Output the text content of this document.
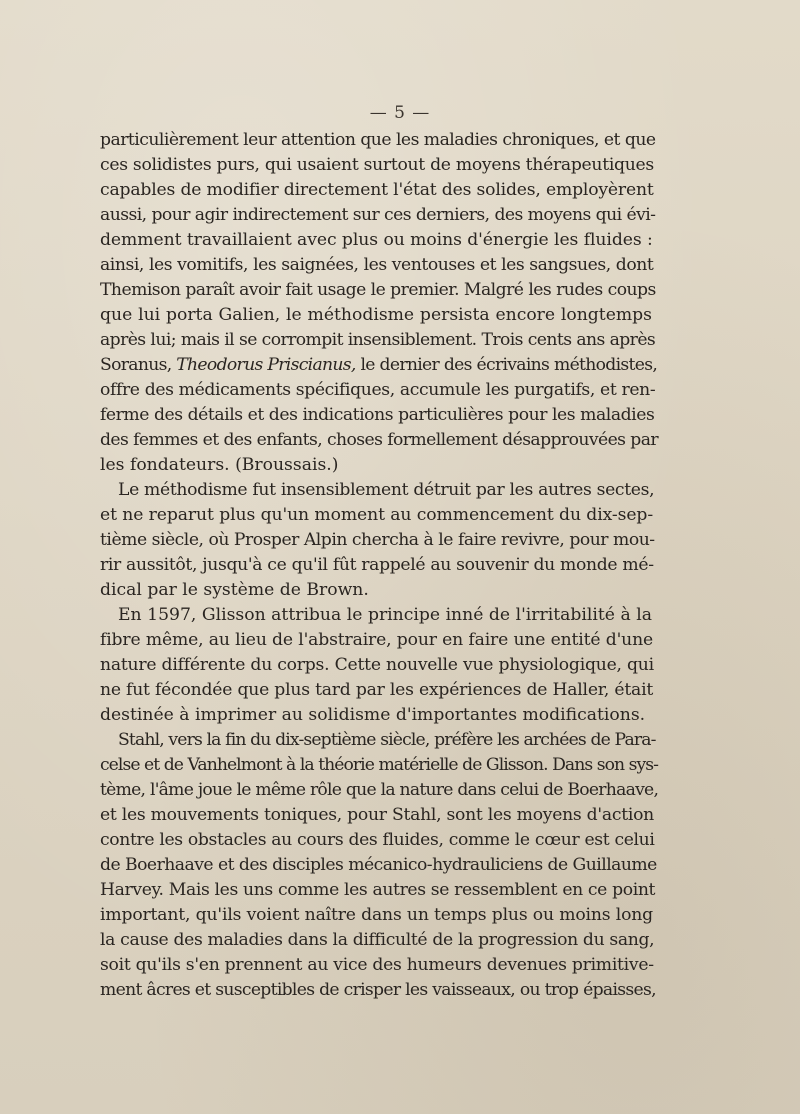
— 5 —
particulièrement leur attention que les maladies chroniques, et que
ces solidistes purs, qui usaient surtout de moyens thérapeutiques
capables de modifier directement l'état des solides, employèrent
aussi, pour agir indirectement sur ces derniers, des moyens qui évi-
demment travaillaient avec plus ou moins d'énergie les fluides :
ainsi, les vomitifs, les saignées, les ventouses et les sangsues, dont
Themison paraît avoir fait usage le premier. Malgré les rudes coups
que lui porta Galien, le méthodisme persista encore longtemps
après lui; mais il se corrompit insensiblement. Trois cents ans après
Soranus, Theodorus Priscianus, le dernier des écrivains méthodistes,
offre des médicaments spécifiques, accumule les purgatifs, et ren-
ferme des détails et des indications particulières pour les maladies
des femmes et des enfants, choses formellement désapprouvées par
les fondateurs. (Broussais.)
Le méthodisme fut insensiblement détruit par les autres sectes,
et ne reparut plus qu'un moment au commencement du dix-sep-
tième siècle, où Prosper Alpin chercha à le faire revivre, pour mou-
rir aussitôt, jusqu'à ce qu'il fût rappelé au souvenir du monde mé-
dical par le système de Brown.
En 1597, Glisson attribua le principe inné de l'irritabilité à la
fibre même, au lieu de l'abstraire, pour en faire une entité d'une
nature différente du corps. Cette nouvelle vue physiologique, qui
ne fut fécondée que plus tard par les expériences de Haller, était
destinée à imprimer au solidisme d'importantes modifications.
Stahl, vers la fin du dix-septième siècle, préfère les archées de Para-
celse et de Vanhelmont à la théorie matérielle de Glisson. Dans son sys-
tème, l'âme joue le même rôle que la nature dans celui de Boerhaave,
et les mouvements toniques, pour Stahl, sont les moyens d'action
contre les obstacles au cours des fluides, comme le cœur est celui
de Boerhaave et des disciples mécanico-hydrauliciens de Guillaume
Harvey. Mais les uns comme les autres se ressemblent en ce point
important, qu'ils voient naître dans un temps plus ou moins long
la cause des maladies dans la difficulté de la progression du sang,
soit qu'ils s'en prennent au vice des humeurs devenues primitive-
ment âcres et susceptibles de crisper les vaisseaux, ou trop épaisses,
